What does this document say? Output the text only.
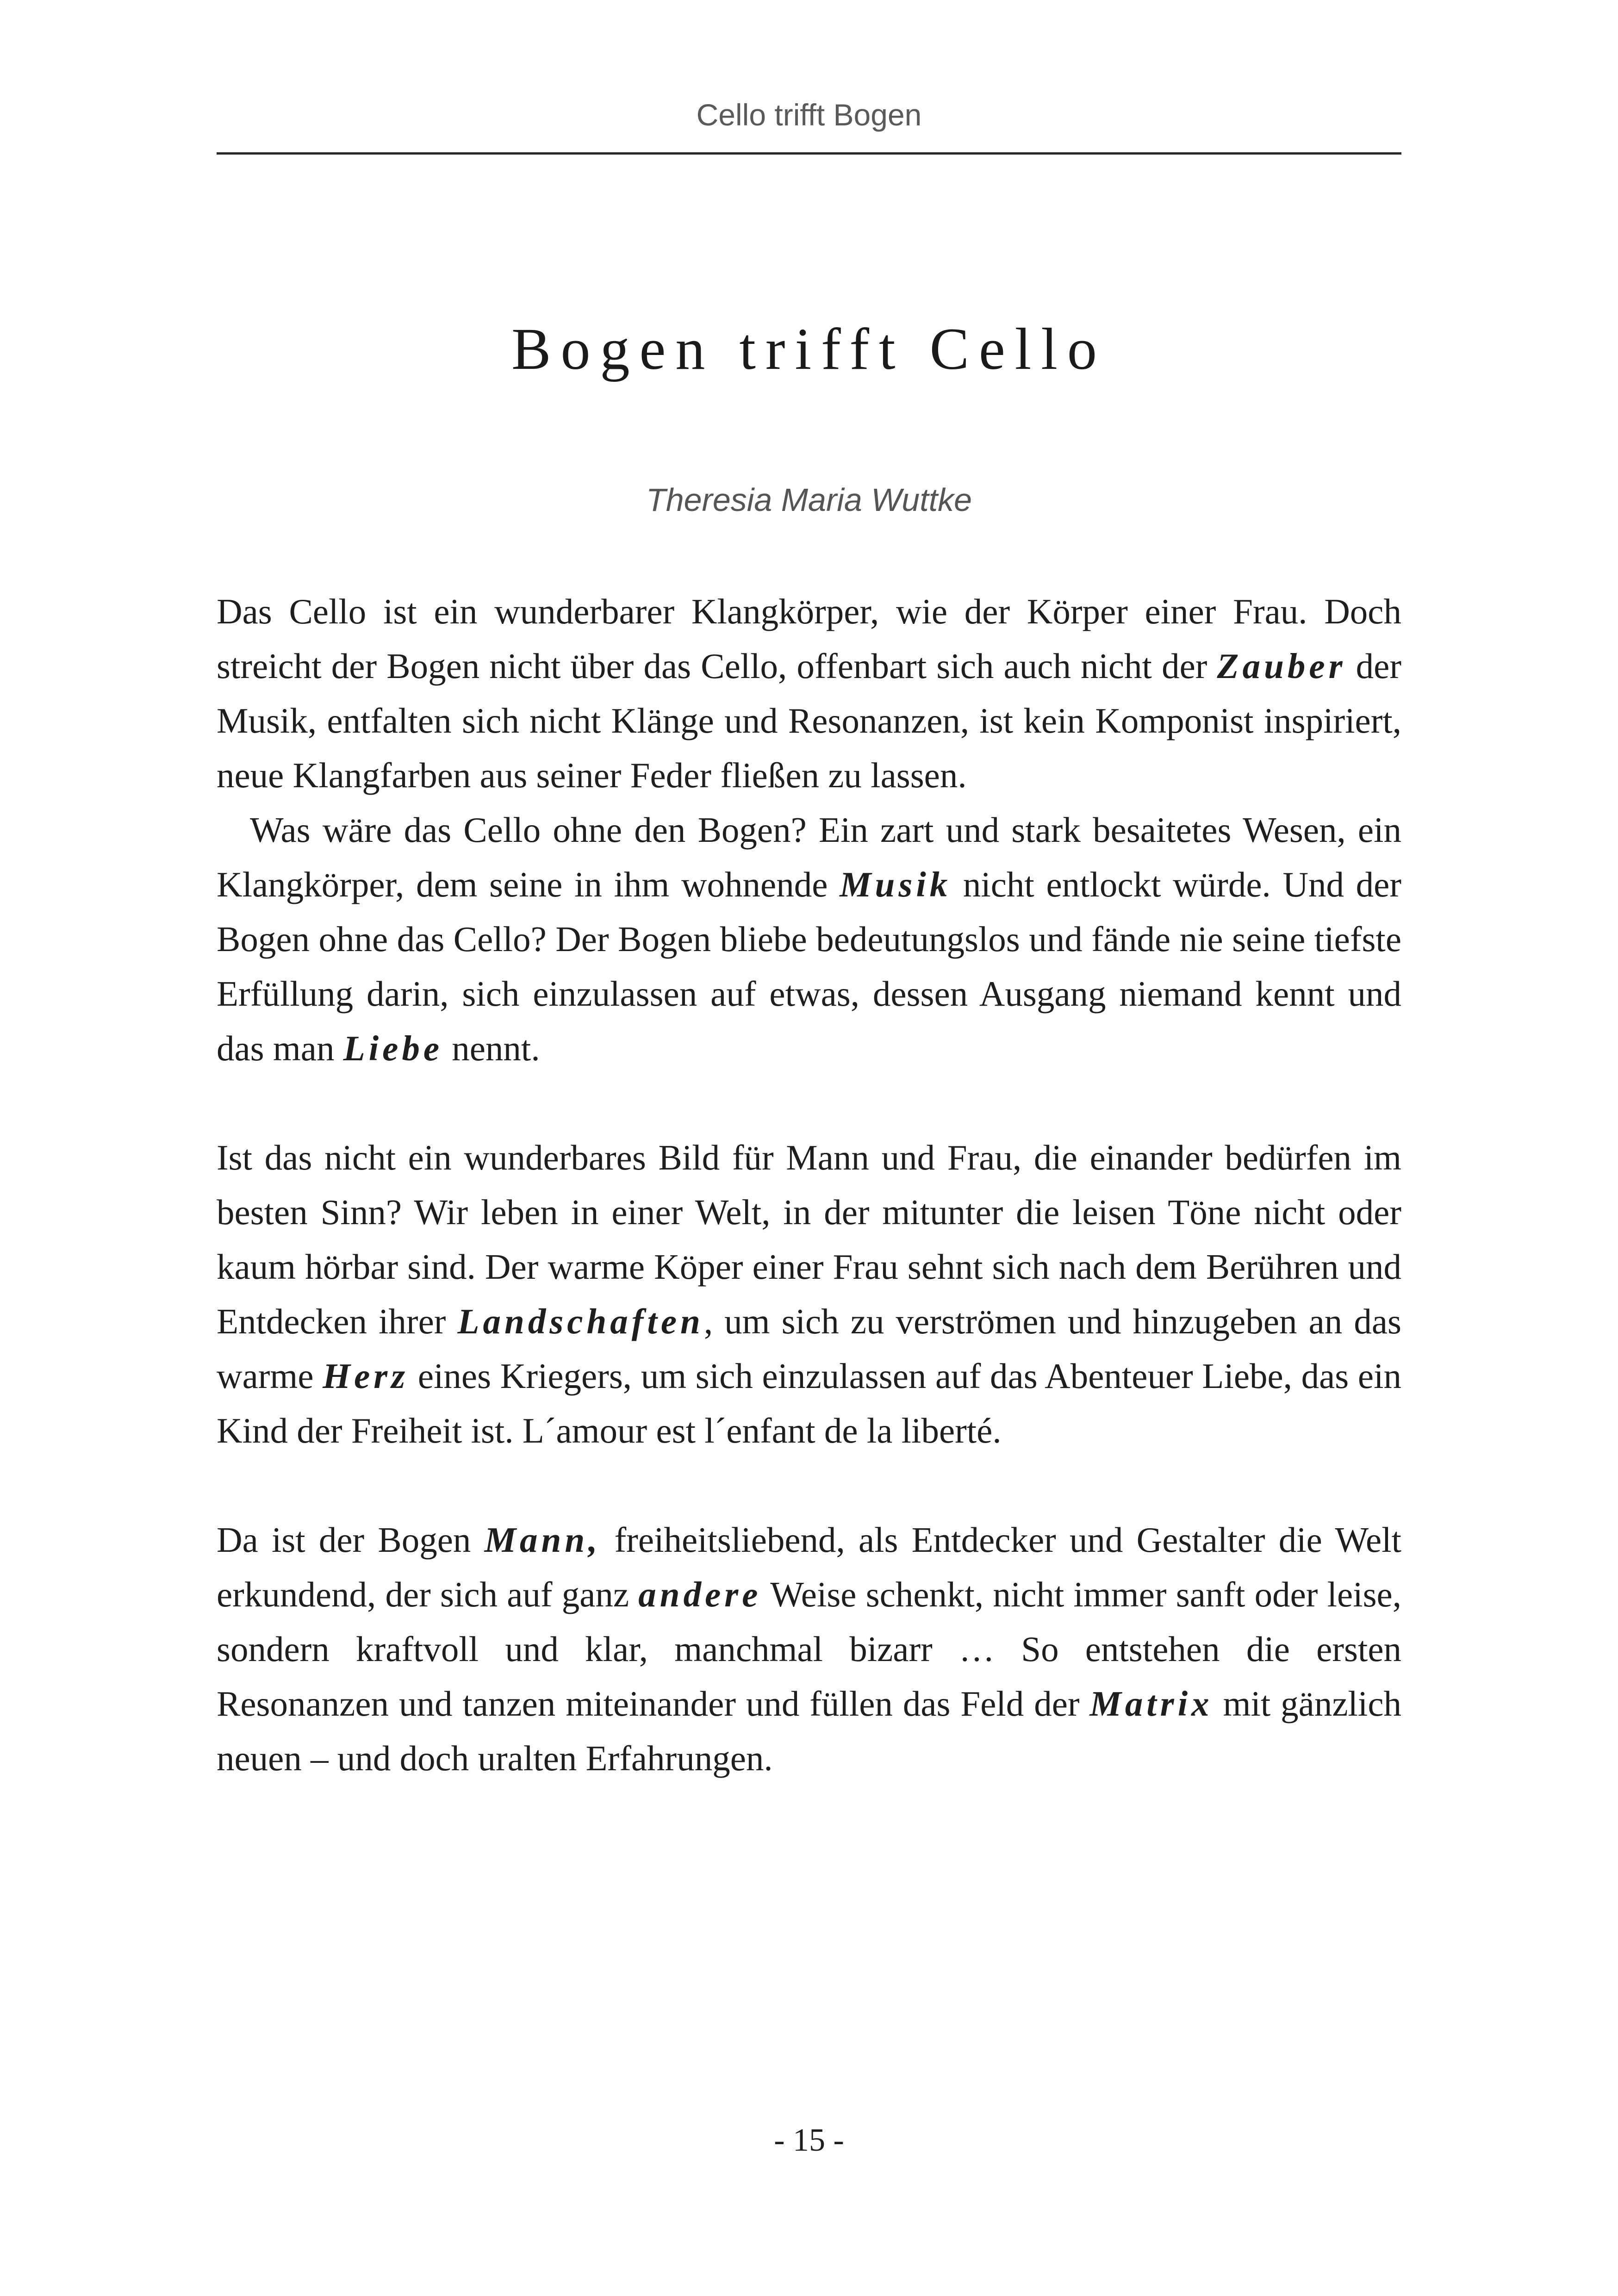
Cello trifft Bogen
Bogen trifft Cello
Theresia Maria Wuttke

Das Cello ist ein wunderbarer Klangkörper, wie der Körper einer Frau. Doch streicht der Bogen nicht über das Cello, offenbart sich auch nicht der Zauber der Musik, entfalten sich nicht Klänge und Resonanzen, ist kein Komponist inspiriert, neue Klangfarben aus seiner Feder fließen zu lassen.

Was wäre das Cello ohne den Bogen? Ein zart und stark besaitetes Wesen, ein Klangkörper, dem seine in ihm wohnende Musik nicht entlockt würde. Und der Bogen ohne das Cello? Der Bogen bliebe bedeutungslos und fände nie seine tiefste Erfüllung darin, sich einzulassen auf etwas, dessen Ausgang niemand kennt und das man Liebe nennt.

Ist das nicht ein wunderbares Bild für Mann und Frau, die einander bedürfen im besten Sinn? Wir leben in einer Welt, in der mitunter die leisen Töne nicht oder kaum hörbar sind. Der warme Köper einer Frau sehnt sich nach dem Berühren und Entdecken ihrer Landschaften, um sich zu verströmen und hinzugeben an das warme Herz eines Kriegers, um sich einzulassen auf das Abenteuer Liebe, das ein Kind der Freiheit ist. L´amour est l´enfant de la liberté.

Da ist der Bogen Mann, freiheitsliebend, als Entdecker und Gestalter die Welt erkundend, der sich auf ganz andere Weise schenkt, nicht immer sanft oder leise, sondern kraftvoll und klar, manchmal bizarr … So entstehen die ersten Resonanzen und tanzen miteinander und füllen das Feld der Matrix mit gänzlich neuen – und doch uralten Erfahrungen.

- 15 -
